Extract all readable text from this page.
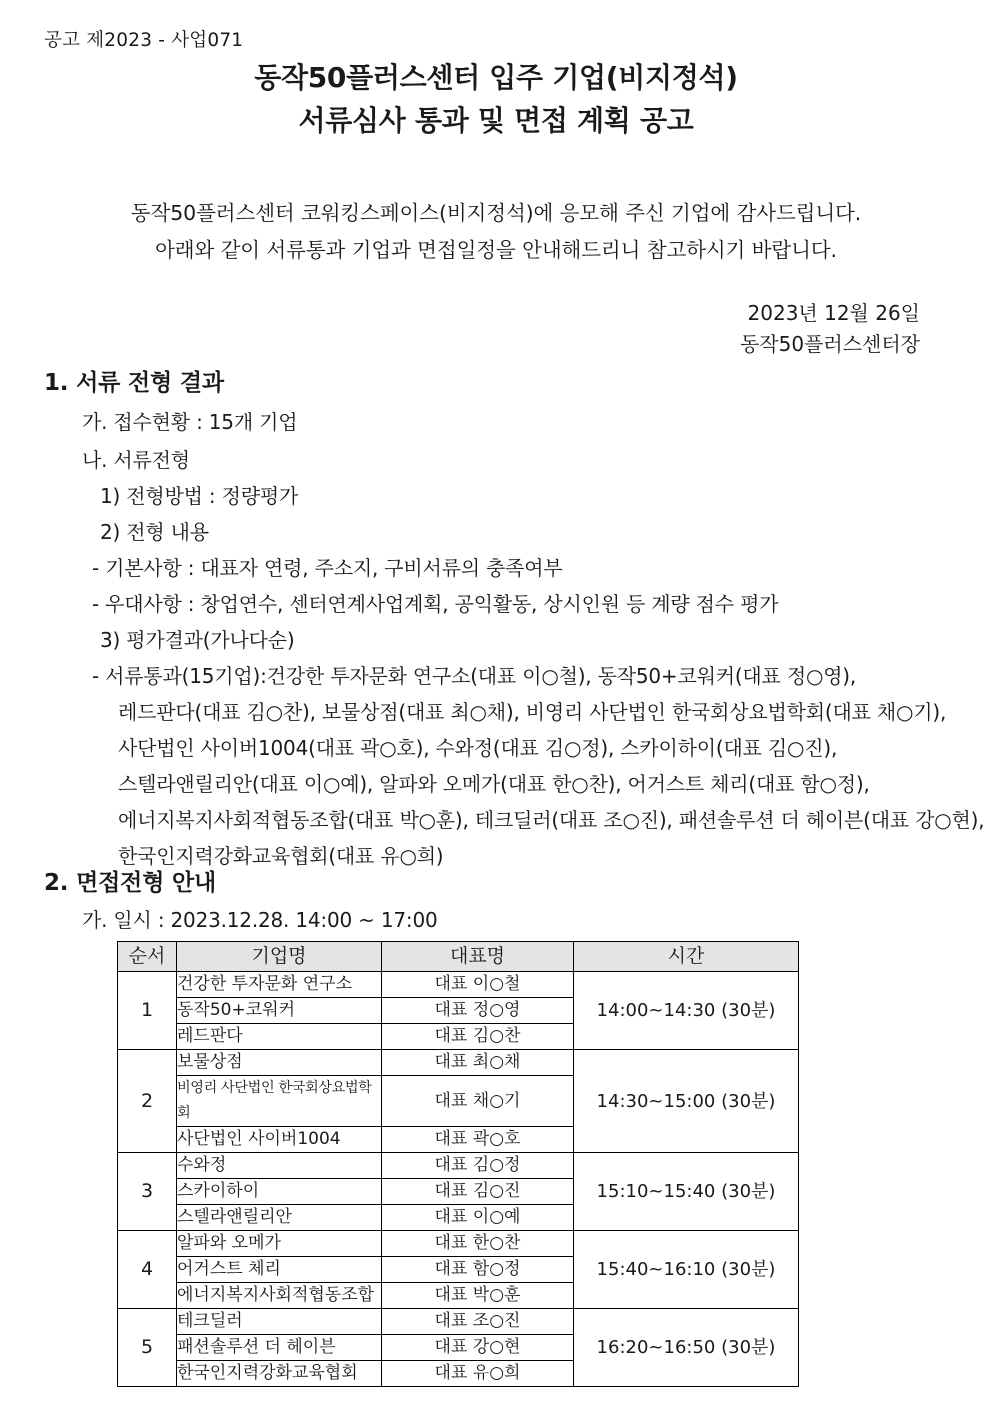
공고 제2023 - 사업071
동작50플러스센터 입주 기업(비지정석)
서류심사 통과 및 면접 계획 공고
동작50플러스센터 코워킹스페이스(비지정석)에 응모해 주신 기업에 감사드립니다.
아래와 같이 서류통과 기업과 면접일정을 안내해드리니 참고하시기 바랍니다.
2023년 12월 26일
동작50플러스센터장
1. 서류 전형 결과
가. 접수현황 : 15개 기업
나. 서류전형
1) 전형방법 : 정량평가
2) 전형 내용
- 기본사항 : 대표자 연령, 주소지, 구비서류의 충족여부
- 우대사항 : 창업연수, 센터연계사업계획, 공익활동, 상시인원 등 계량 점수 평가
3) 평가결과(가나다순)
- 서류통과(15기업):건강한 투자문화 연구소(대표 이○철), 동작50+코워커(대표 정○영),
레드판다(대표 김○찬), 보물상점(대표 최○채), 비영리 사단법인 한국회상요법학회(대표 채○기),
사단법인 사이버1004(대표 곽○호), 수와정(대표 김○정), 스카이하이(대표 김○진),
스텔라앤릴리안(대표 이○예), 알파와 오메가(대표 한○찬), 어거스트 체리(대표 함○정),
에너지복지사회적협동조합(대표 박○훈), 테크딜러(대표 조○진), 패션솔루션 더 헤이븐(대표 강○현),
한국인지력강화교육협회(대표 유○희)
2. 면접전형 안내
가. 일시 : 2023.12.28. 14:00 ~ 17:00
순서	기업명	대표명	시간
1	건강한 투자문화 연구소	대표 이○철	14:00~14:30 (30분)
	동작50+코워커	대표 정○영	
	레드판다	대표 김○찬	
2	보물상점	대표 최○채	14:30~15:00 (30분)
	비영리 사단법인 한국회상요법학회	대표 채○기	
	사단법인 사이버1004	대표 곽○호	
3	수와정	대표 김○정	15:10~15:40 (30분)
	스카이하이	대표 김○진	
	스텔라앤릴리안	대표 이○예	
4	알파와 오메가	대표 한○찬	15:40~16:10 (30분)
	어거스트 체리	대표 함○정	
	에너지복지사회적협동조합	대표 박○훈	
5	테크딜러	대표 조○진	16:20~16:50 (30분)
	패션솔루션 더 헤이븐	대표 강○현	
	한국인지력강화교육협회	대표 유○희	
